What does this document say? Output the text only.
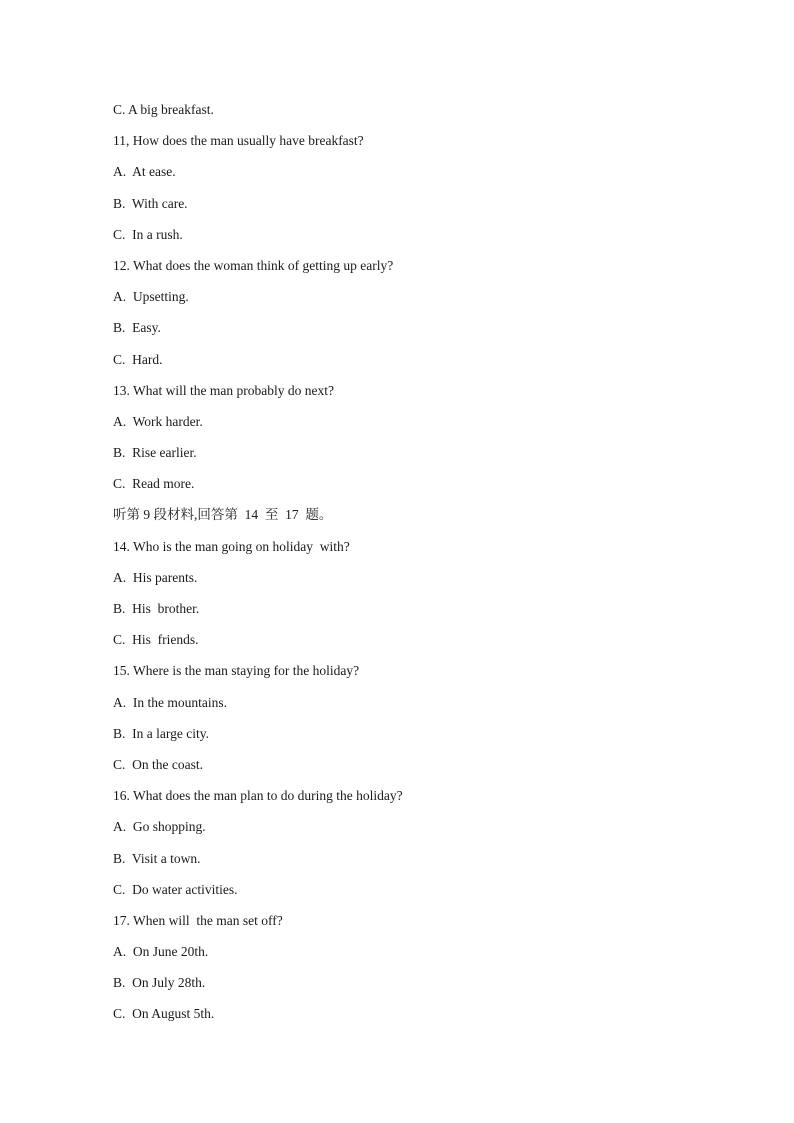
C. A big breakfast.
11, How does the man usually have breakfast?
A.  At ease.
B.  With care.
C.  In a rush.
12. What does the woman think of getting up early?
A.  Upsetting.
B.  Easy.
C.  Hard.
13. What will the man probably do next?
A.  Work harder.
B.  Rise earlier.
C.  Read more.
听第 9 段材料,回答第  14  至  17  题。
14. Who is the man going on holiday  with?
A.  His parents.
B.  His  brother.
C.  His  friends.
15. Where is the man staying for the holiday?
A.  In the mountains.
B.  In a large city.
C.  On the coast.
16. What does the man plan to do during the holiday?
A.  Go shopping.
B.  Visit a town.
C.  Do water activities.
17. When will  the man set off?
A.  On June 20th.
B.  On July 28th.
C.  On August 5th.
